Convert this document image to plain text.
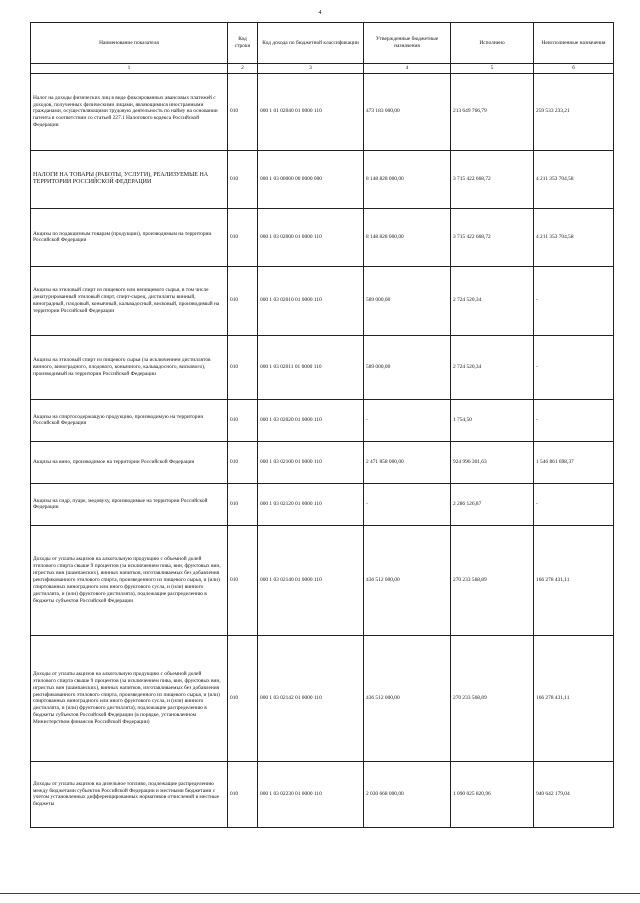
4
Наименование показателя	Код строки	Код дохода по бюджетной классификации	Утвержденные бюджетные назначения	Исполнено	Неисполненные назначения
1	2	3	4	5	6
Налог на доходы физических лиц в виде фиксированных авансовых платежей с доходов, полученных физическими лицами, являющимися иностранными гражданами, осуществляющими трудовую деятельность по найму на основании патента в соответствии со статьей 227.1 Налогового кодекса Российской Федерации	010	000 1 01 02040 01 0000 110	473 183 000,00	213 649 766,79	259 533 233,21
НАЛОГИ НА ТОВАРЫ (РАБОТЫ, УСЛУГИ), РЕАЛИЗУЕМЫЕ НА ТЕРРИТОРИИ РОССИЙСКОЙ ФЕДЕРАЦИИ	010	000 1 03 00000 00 0000 000	8 148 828 000,00	3 715 422 668,72	4 211 353 704,58
Акцизы по подакцизным товарам (продукции), производимым на территории Российской Федерации	010	000 1 03 02000 01 0000 110	8 148 828 000,00	3 715 422 668,72	4 211 353 704,58
Акцизы на этиловый спирт из пищевого или непищевого сырья, в том числе денатурированный этиловый спирт, спирт-сырец, дистилляты винный, виноградный, плодовый, коньячный, кальвадосный, висковый, производимый на территории Российской Федерации	010	000 1 03 02010 01 0000 110	589 000,00	2 724 520,34	-
Акцизы на этиловый спирт из пищевого сырья (за исключением дистиллятов винного, виноградного, плодового, коньячного, кальвадосного, вискового), производимый на территории Российской Федерации	010	000 1 03 02011 01 0000 110	589 000,00	2 724 520,34	-
Акцизы на спиртосодержащую продукцию, производимую на территории Российской Федерации	010	000 1 03 02020 01 0000 110	-	1 754,50	-
Акцизы на вино, производимое на территории Российской Федерации	010	000 1 03 02100 01 0000 110	2 471 858 000,00	924 996 301,63	1 546 861 698,37
Акцизы на сидр, пуаре, медовуху, производимые на территории Российской Федерации	010	000 1 03 02120 01 0000 110	-	2 286 126,87	-
Доходы от уплаты акцизов на алкогольную продукцию с объемной долей этилового спирта свыше 9 процентов (за исключением пива, вин, фруктовых вин, игристых вин (шампанских), винных напитков, изготавливаемых без добавления ректификованного этилового спирта, произведенного из пищевого сырья, и (или) спиртованных виноградного или иного фруктового сусла, и (или) винного дистиллята, и (или) фруктового дистиллята), подлежащие распределению в бюджеты субъектов Российской Федерации	010	000 1 03 02140 01 0000 110	436 512 000,00	270 233 568,89	166 278 431,11
Доходы от уплаты акцизов на алкогольную продукцию с объемной долей этилового спирта свыше 9 процентов (за исключением пива, вин, фруктовых вин, игристых вин (шампанских), винных напитков, изготавливаемых без добавления ректификованного этилового спирта, произведенного из пищевого сырья, и (или) спиртованных виноградного или иного фруктового сусла, и (или) винного дистиллята, и (или) фруктового дистиллята), подлежащие распределению в бюджеты субъектов Российской Федерации (в порядке, установленном Министерством финансов Российской Федерации)	010	000 1 03 02142 01 0000 110	436 512 000,00	270 233 568,89	166 278 431,11
Доходы от уплаты акцизов на дизельное топливо, подлежащие распределению между бюджетами субъектов Российской Федерации и местными бюджетами с учетом установленных дифференцированных нормативов отчислений в местные бюджеты	010	000 1 03 02230 01 0000 110	2 030 668 000,00	1 090 025 820,96	940 642 179,04
